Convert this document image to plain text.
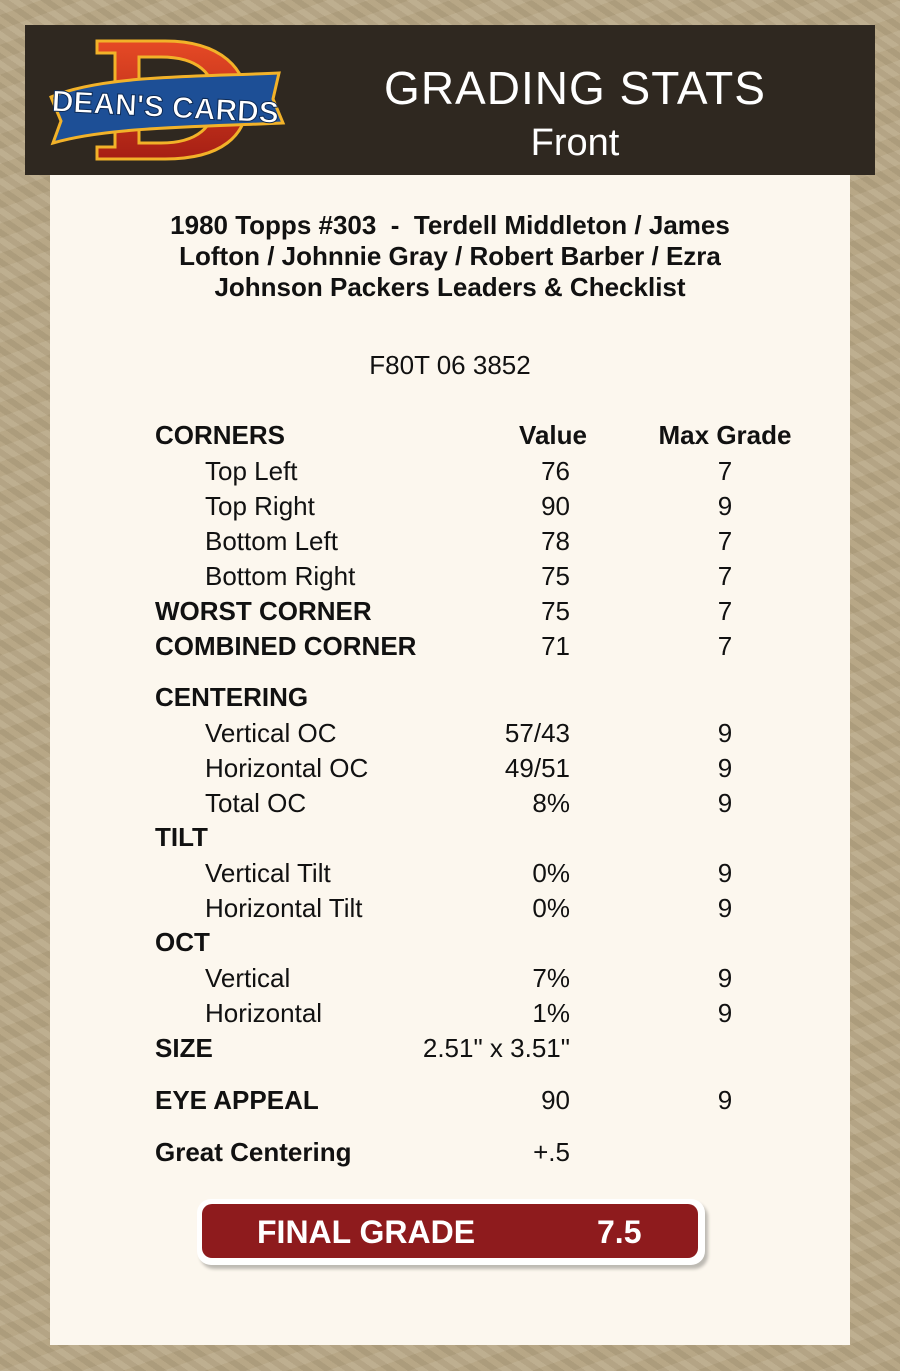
DEAN'S CARDS GRADING STATS
Front
1980 Topps #303  -  Terdell Middleton / James Lofton / Johnnie Gray / Robert Barber / Ezra Johnson Packers Leaders & Checklist
F80T 06 3852
CORNERS	Value	Max Grade
Top Left	76	7
Top Right	90	9
Bottom Left	78	7
Bottom Right	75	7
WORST CORNER	75	7
COMBINED CORNER	71	7
CENTERING
Vertical OC	57/43	9
Horizontal OC	49/51	9
Total OC	8%	9
TILT
Vertical Tilt	0%	9
Horizontal Tilt	0%	9
OCT
Vertical	7%	9
Horizontal	1%	9
SIZE	2.51" x 3.51"
EYE APPEAL	90	9
Great Centering	+.5
FINAL GRADE	7.5
